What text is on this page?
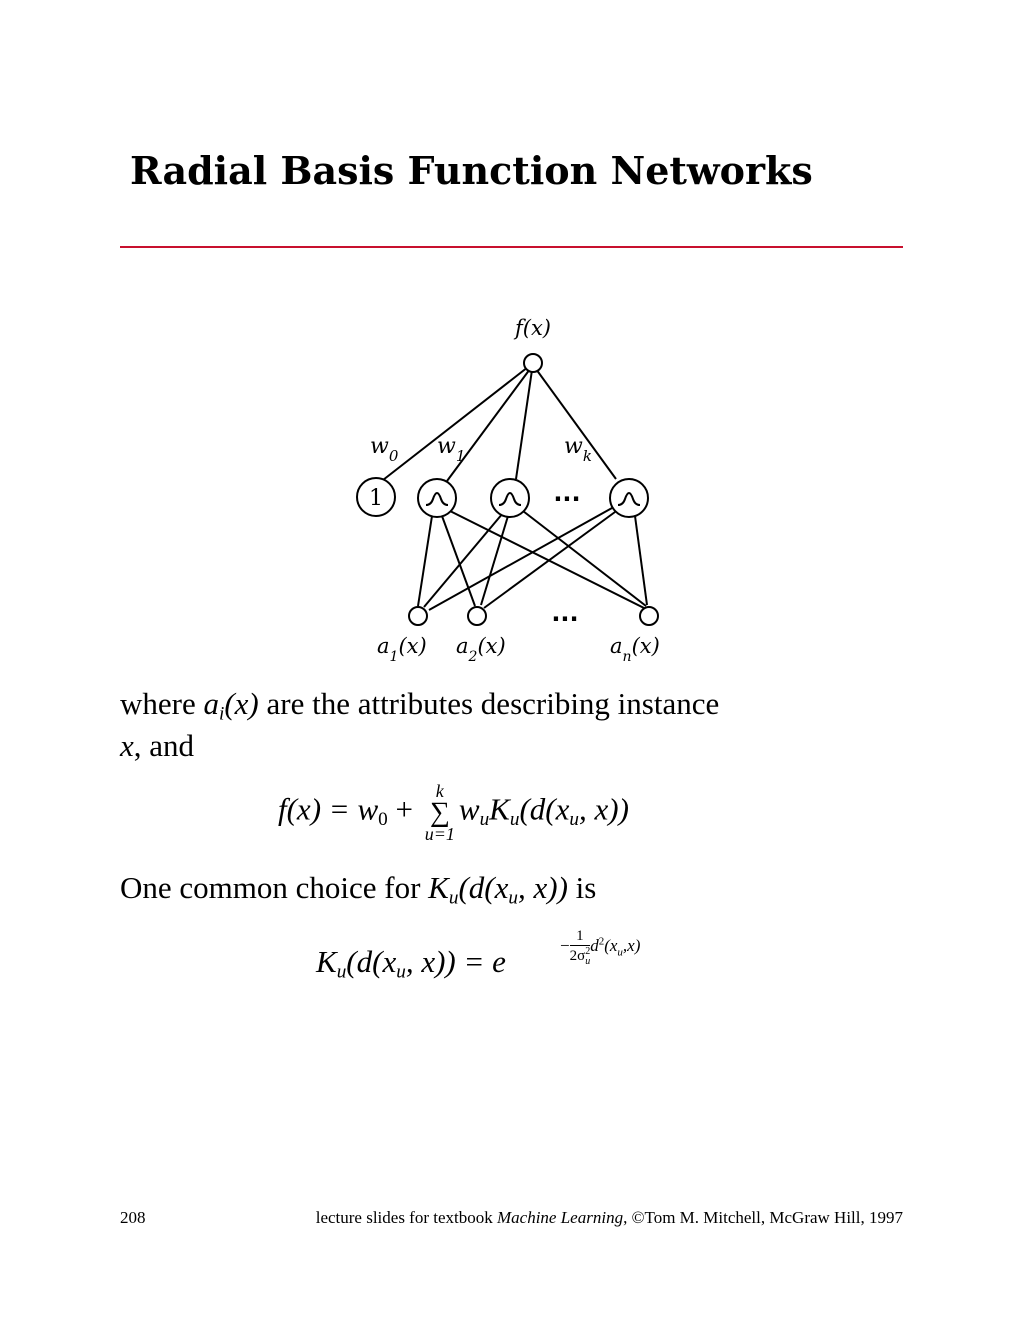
Radial Basis Function Networks
f(x)
1
$w_0$ $w_1$	$w_k$
...
...
$a_1(x)$ $a_2(x)$	$a_n(x)$
where $a_i(x)$ are the attributes describing instance
x, and
$f(x) = w_0$ +
k
∑
u=1
$w_uK_u(d(x_u$, x))
One common choice for $K_u(d(x_u$, x)) is
$K_u(d(x_u$, x)) = e	− $\frac{1}{2\sigma^2_u} d^2(x_u,x)$
208	lecture slides for textbook Machine Learning, ©Tom M. Mitchell, McGraw Hill, 1997
